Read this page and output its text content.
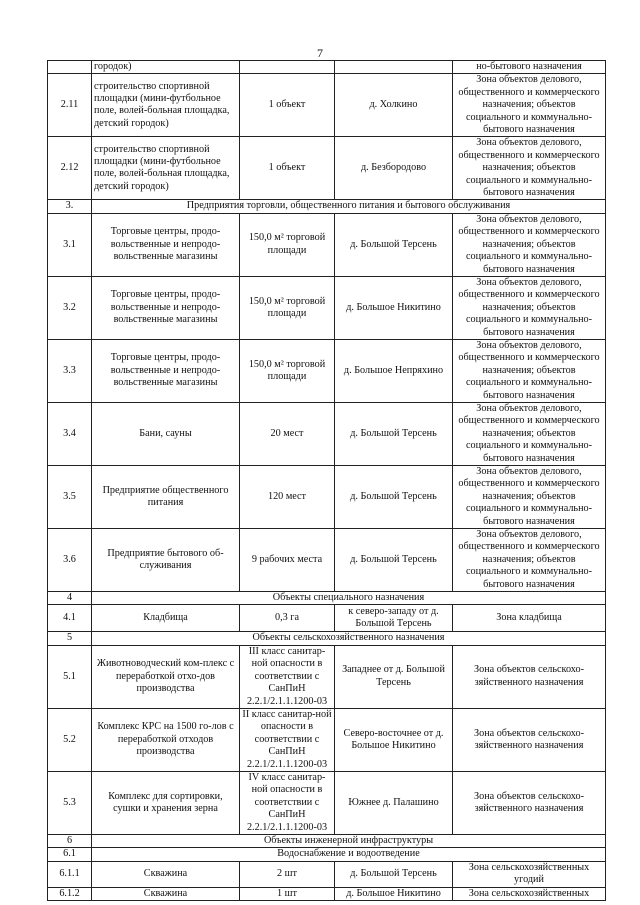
7
	городок)			но-бытового назначения
2.11	строительство спортивной площадки (мини-футбольное поле, волей-больная площадка, детский городок)	1 объект	д. Холкино	Зона объектов делового, общественного и коммерческого назначения; объектов социального и коммунально-бытового назначения
2.12	строительство спортивной площадки (мини-футбольное поле, волей-больная площадка, детский городок)	1 объект	д. Безбородово	Зона объектов делового, общественного и коммерческого назначения; объектов социального и коммунально-бытового назначения
3.	Предприятия торговли, общественного питания и бытового обслуживания			
3.1	Торговые центры, продо-вольственные и непродо-вольственные магазины	150,0 м² торговой площади	д. Большой Терсень	Зона объектов делового, общественного и коммерческого назначения; объектов социального и коммунально-бытового назначения
3.2	Торговые центры, продо-вольственные и непродо-вольственные магазины	150,0 м² торговой площади	д. Большое Никитино	Зона объектов делового, общественного и коммерческого назначения; объектов социального и коммунально-бытового назначения
3.3	Торговые центры, продо-вольственные и непродо-вольственные магазины	150,0 м² торговой площади	д. Большое Непряхино	Зона объектов делового, общественного и коммерческого назначения; объектов социального и коммунально-бытового назначения
3.4	Бани, сауны	20 мест	д. Большой Терсень	Зона объектов делового, общественного и коммерческого назначения; объектов социального и коммунально-бытового назначения
3.5	Предприятие общественного питания	120 мест	д. Большой Терсень	Зона объектов делового, общественного и коммерческого назначения; объектов социального и коммунально-бытового назначения
3.6	Предприятие бытового об-служивания	9 рабочих места	д. Большой Терсень	Зона объектов делового, общественного и коммерческого назначения; объектов социального и коммунально-бытового назначения
4	Объекты специального назначения			
4.1	Кладбища	0,3 га	к северо-западу от д. Большой Терсень	Зона кладбища
5	Объекты сельскохозяйственного назначения			
5.1	Животноводческий ком-плекс с переработкой отхо-дов производства	III класс санитар-ной опасности в соответствии с СанПиН 2.2.1/2.1.1.1200-03	Западнее от д. Большой Терсень	Зона объектов сельскохо-зяйственного назначения
5.2	Комплекс КРС на 1500 го-лов с переработкой отходов производства	II класс санитар-ной опасности в соответствии с СанПиН 2.2.1/2.1.1.1200-03	Северо-восточнее от д. Большое Никитино	Зона объектов сельскохо-зяйственного назначения
5.3	Комплекс для сортировки, сушки и хранения зерна	IV класс санитар-ной опасности в соответствии с СанПиН 2.2.1/2.1.1.1200-03	Южнее д. Палашино	Зона объектов сельскохо-зяйственного назначения
6	Объекты инженерной инфраструктуры			
6.1	Водоснабжение и водоотведение			
6.1.1	Скважина	2 шт	д. Большой Терсень	Зона сельскохозяйственных угодий
6.1.2	Скважина	1 шт	д. Большое Никитино	Зона сельскохозяйственных
